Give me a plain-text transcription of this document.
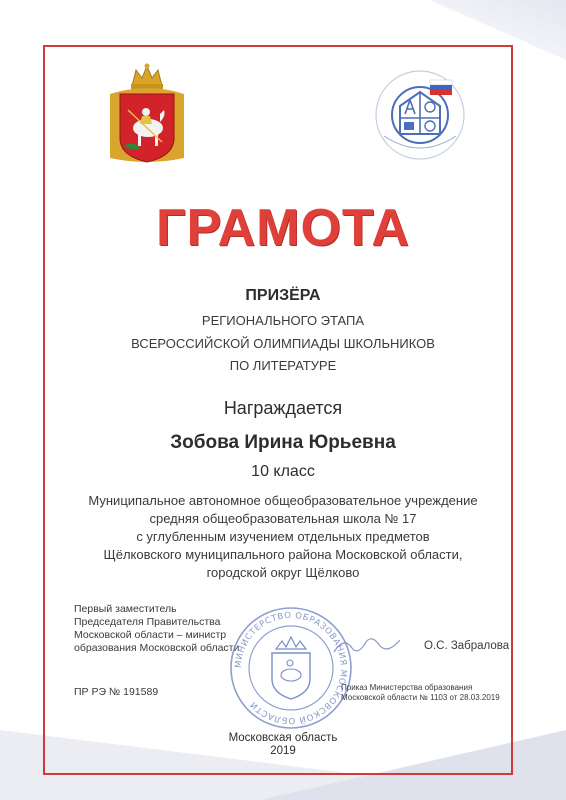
ГРАМОТА
ПРИЗЁРА
РЕГИОНАЛЬНОГО ЭТАПА
ВСЕРОССИЙСКОЙ ОЛИМПИАДЫ ШКОЛЬНИКОВ
ПО ЛИТЕРАТУРЕ
Награждается
Зобова Ирина Юрьевна
10 класс
Муниципальное автономное общеобразовательное учреждение
средняя общеобразовательная школа № 17
с углубленным изучением отдельных предметов
Щёлковского муниципального района Московской области,
городской округ Щёлково
Первый заместитель
Председателя Правительства
Московской области – министр
образования Московской области
МИНИСТЕРСТВО ОБРАЗОВАНИЯ МОСКОВСКОЙ ОБЛАСТИ
О.С. Забралова
ПР РЭ № 191589	Приказ Министерства образования
Московской области № 1103 от 28.03.2019
Московская область
2019
